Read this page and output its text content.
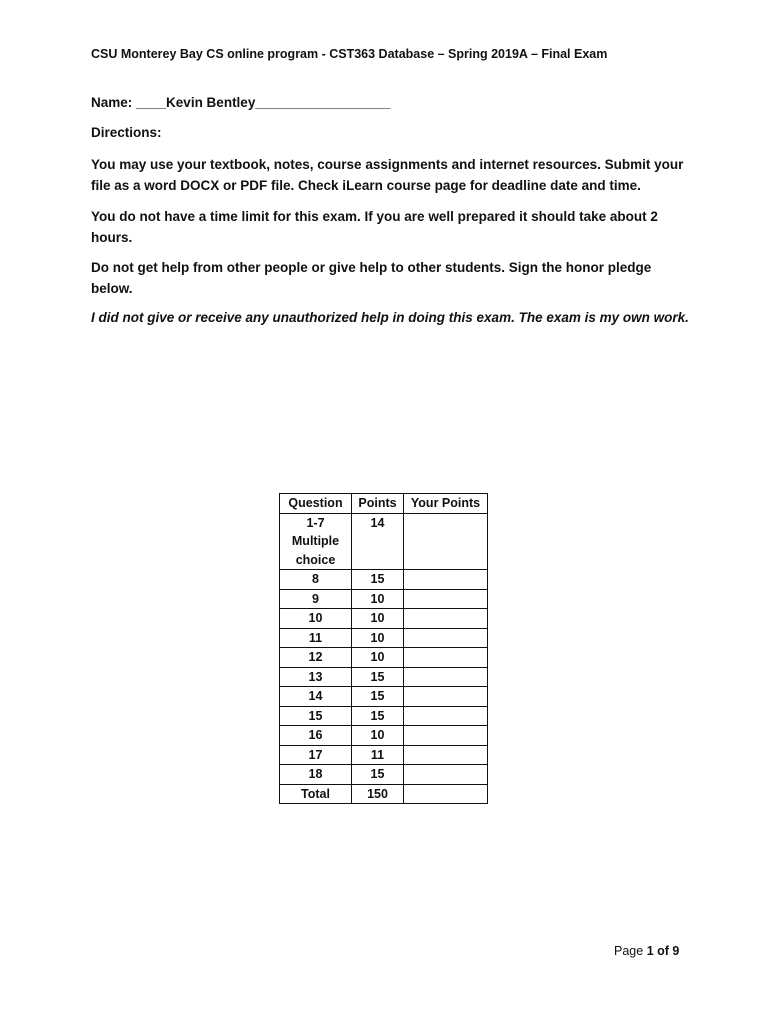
CSU Monterey Bay CS online program - CST363 Database – Spring 2019A – Final Exam
Name: ____Kevin Bentley__________________
Directions:
You may use your textbook, notes, course assignments and internet resources. Submit your file as a word DOCX or PDF file. Check iLearn course page for deadline date and time.
You do not have a time limit for this exam. If you are well prepared it should take about 2 hours.
Do not get help from other people or give help to other students. Sign the honor pledge below.
I did not give or receive any unauthorized help in doing this exam. The exam is my own work.
Question	Points	Your Points

1-7
Multiple
choice	14	
8	15	
9	10	
10	10	
11	10	
12	10	
13	15	
14	15	
15	15	
16	10	
17	11	
18	15	
Total	150	
Page 1 of 9
